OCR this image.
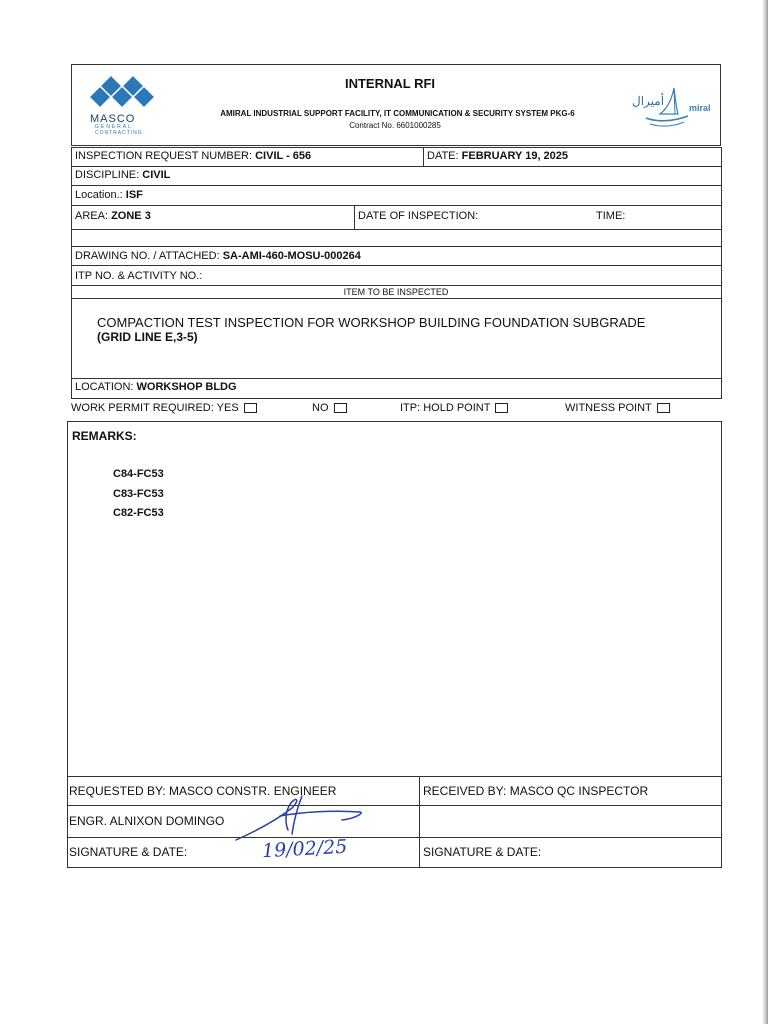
MASCO
GENERAL
CONTRACTING
INTERNAL RFI
AMIRAL INDUSTRIAL SUPPORT FACILITY, IT COMMUNICATION & SECURITY SYSTEM PKG-6
Contract No. 6601000285
أميرال	miral
INSPECTION REQUEST NUMBER: CIVIL - 656	DATE: FEBRUARY 19, 2025
DISCIPLINE: CIVIL
Location.: ISF
AREA: ZONE 3	DATE OF INSPECTION:	TIME:
DRAWING NO. / ATTACHED: SA-AMI-460-MOSU-000264
ITP NO. & ACTIVITY NO.:
ITEM TO BE INSPECTED
COMPACTION TEST INSPECTION FOR WORKSHOP BUILDING FOUNDATION SUBGRADE
(GRID LINE E,3-5)
LOCATION: WORKSHOP BLDG
WORK PERMIT REQUIRED: YES	NO	ITP: HOLD POINT	WITNESS POINT
REMARKS:
C84-FC53
C83-FC53
C82-FC53
REQUESTED BY: MASCO CONSTR. ENGINEER	RECEIVED BY: MASCO QC INSPECTOR
ENGR. ALNIXON DOMINGO
SIGNATURE & DATE:	SIGNATURE & DATE:
19/02/25
